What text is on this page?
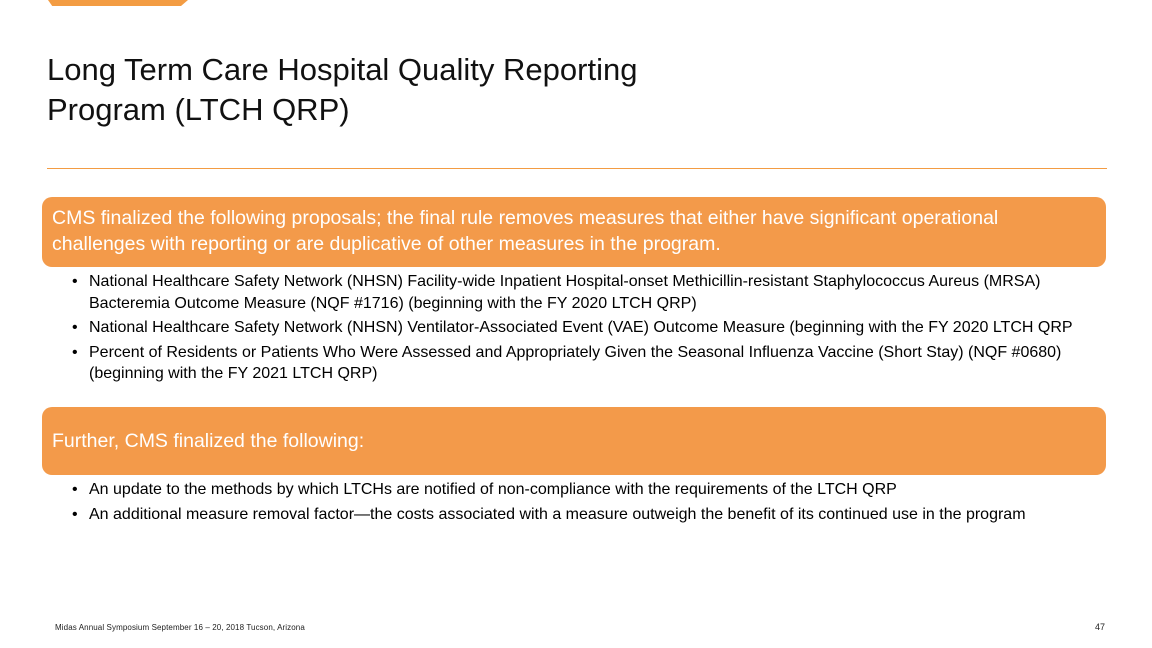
Long Term Care Hospital Quality Reporting
Program (LTCH QRP)
CMS finalized the following proposals; the final rule removes measures that either have significant operational challenges with reporting or are duplicative of other measures in the program.
• National Healthcare Safety Network (NHSN) Facility-wide Inpatient Hospital-onset Methicillin-resistant Staphylococcus Aureus (MRSA) Bacteremia Outcome Measure (NQF #1716) (beginning with the FY 2020 LTCH QRP)
• National Healthcare Safety Network (NHSN) Ventilator-Associated Event (VAE) Outcome Measure (beginning with the FY 2020 LTCH QRP
• Percent of Residents or Patients Who Were Assessed and Appropriately Given the Seasonal Influenza Vaccine (Short Stay) (NQF #0680) (beginning with the FY 2021 LTCH QRP)
Further, CMS finalized the following:
• An update to the methods by which LTCHs are notified of non-compliance with the requirements of the LTCH QRP
• An additional measure removal factor—the costs associated with a measure outweigh the benefit of its continued use in the program
Midas Annual Symposium September 16 – 20, 2018 Tucson, Arizona	47
